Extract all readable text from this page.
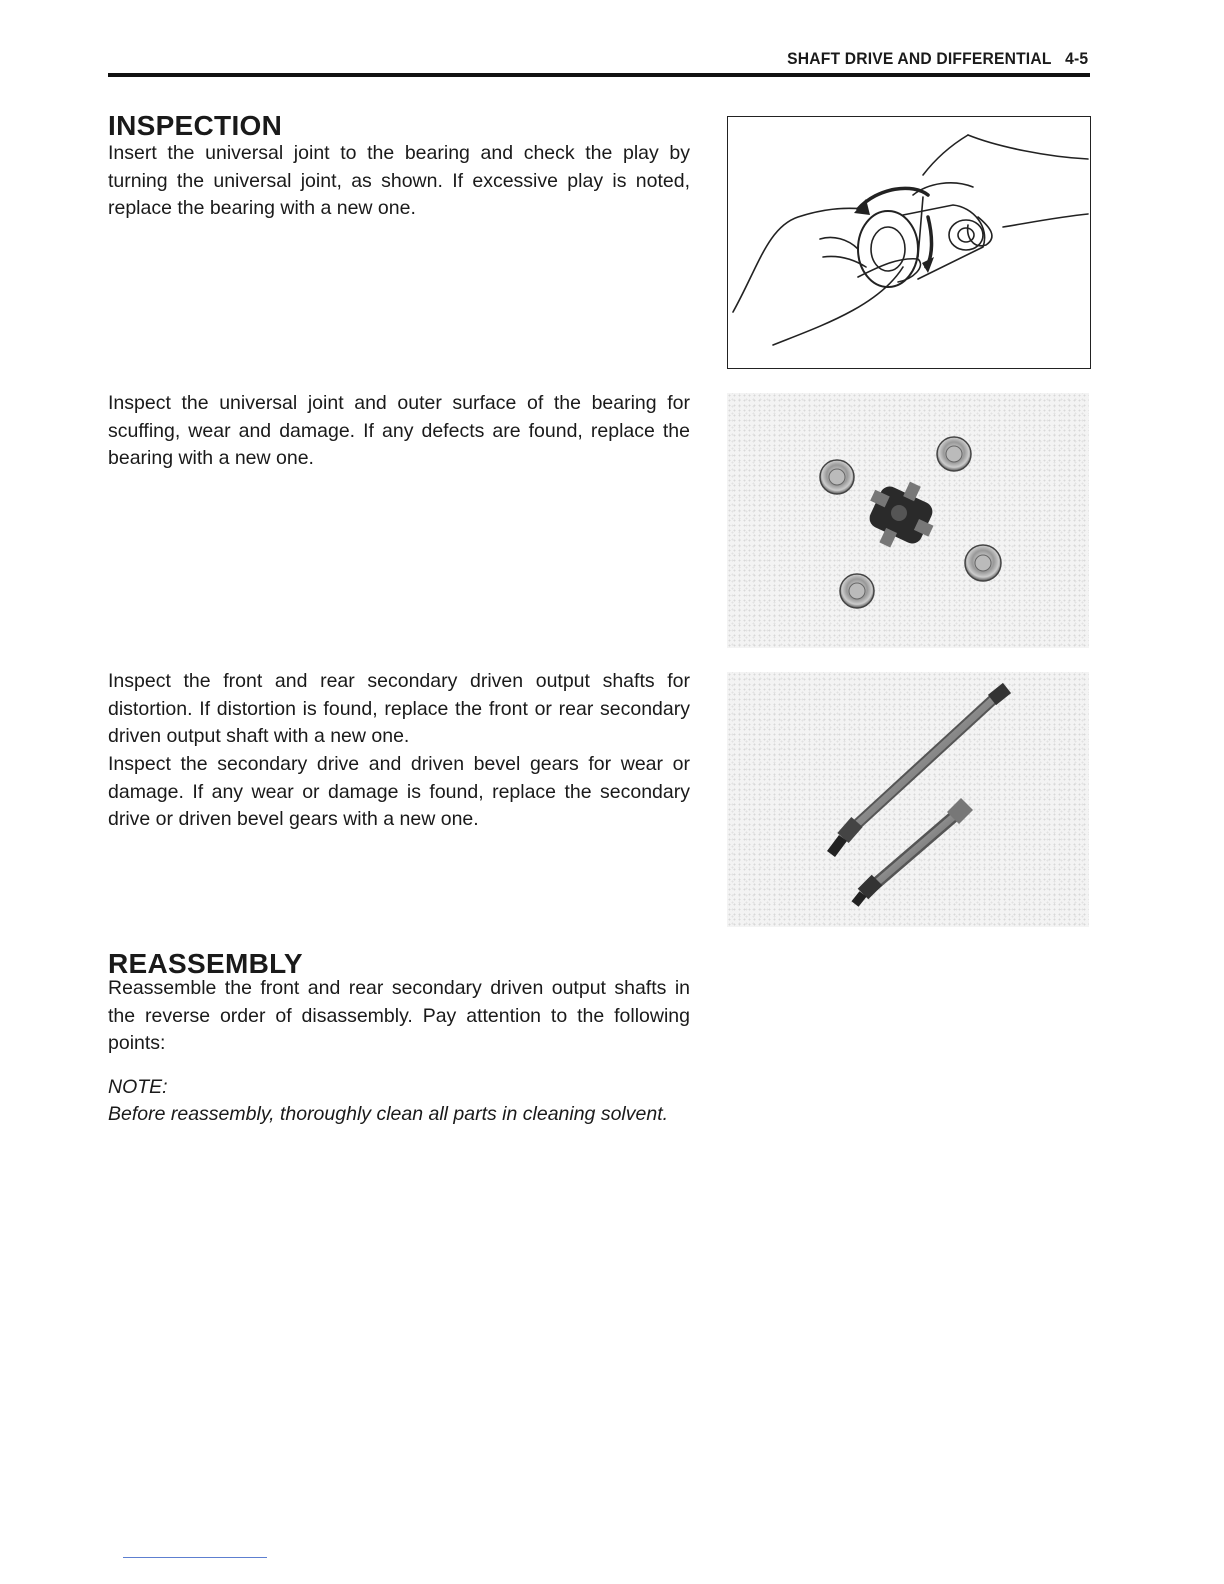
SHAFT DRIVE AND DIFFERENTIAL 4-5
INSPECTION

Insert the universal joint to the bearing and check the play by turning the universal joint, as shown. If excessive play is noted, replace the bearing with a new one.

Inspect the universal joint and outer surface of the bearing for scuffing, wear and damage. If any defects are found, replace the bearing with a new one.

Inspect the front and rear secondary driven output shafts for distortion. If distortion is found, replace the front or rear secondary driven output shaft with a new one.

Inspect the secondary drive and driven bevel gears for wear or damage. If any wear or damage is found, replace the secondary drive or driven bevel gears with a new one.

REASSEMBLY

Reassemble the front and rear secondary driven output shafts in the reverse order of disassembly. Pay attention to the following points:

NOTE:

Before reassembly, thoroughly clean all parts in cleaning solvent.
